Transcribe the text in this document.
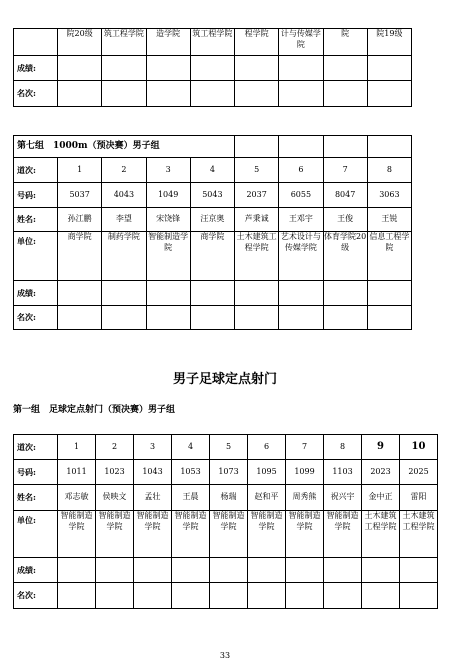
	院20级	筑工程学院	造学院	筑工程学院	程学院	计与传媒学院	院	院19级
成绩:								
名次:								
第七组　1000m（预决赛）男子组								
道次:	1	2	3	4	5	6	7	8
号码:	5037	4043	1049	5043	2037	6055	8047	3063
姓名:	孙江鹏	李望	宋饶锋	汪京奥	芦秉诚	王邓宇	王俊	王锐
单位:	商学院	制药学院	智能制造学院	商学院	土木建筑工程学院	艺术设计与传媒学院	体育学院20级	信息工程学院
成绩:								
名次:								
男子足球定点射门
第一组　足球定点射门（预决赛）男子组
道次:	1	2	3	4	5	6	7	8	9	10
号码:	1011	1023	1043	1053	1073	1095	1099	1103	2023	2025
姓名:	邓志敏	侯映文	孟壮	王晨	杨瑞	赵和平	周秀熊	祝兴宇	金中正	雷阳
单位:	智能制造学院	智能制造学院	智能制造学院	智能制造学院	智能制造学院	智能制造学院	智能制造学院	智能制造学院	土木建筑工程学院	土木建筑工程学院
成绩:										
名次:										
33
